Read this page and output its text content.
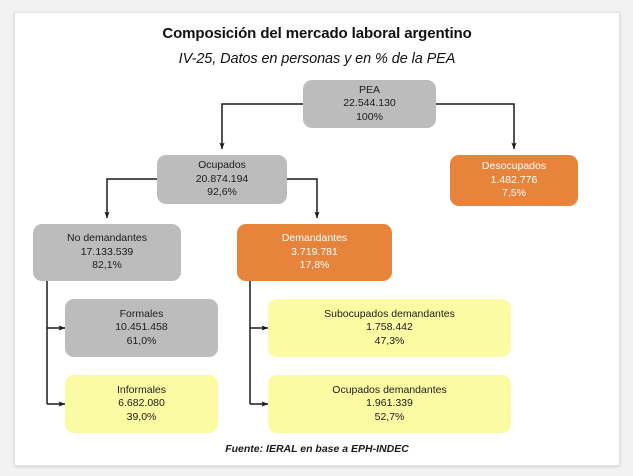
Composición del mercado laboral argentino
IV-25, Datos en personas y en % de la PEA
PEA
22.544.130
100%
Ocupados
20.874.194
92,6%
Desocupados
1.482.776
7,5%
No demandantes
17.133.539
82,1%
Demandantes
3.719.781
17,8%
Formales
10.451.458
61,0%
Informales
6.682.080
39,0%
Subocupados demandantes
1.758.442
47,3%
Ocupados demandantes
1.961.339
52,7%
Fuente: IERAL en base a EPH-INDEC
